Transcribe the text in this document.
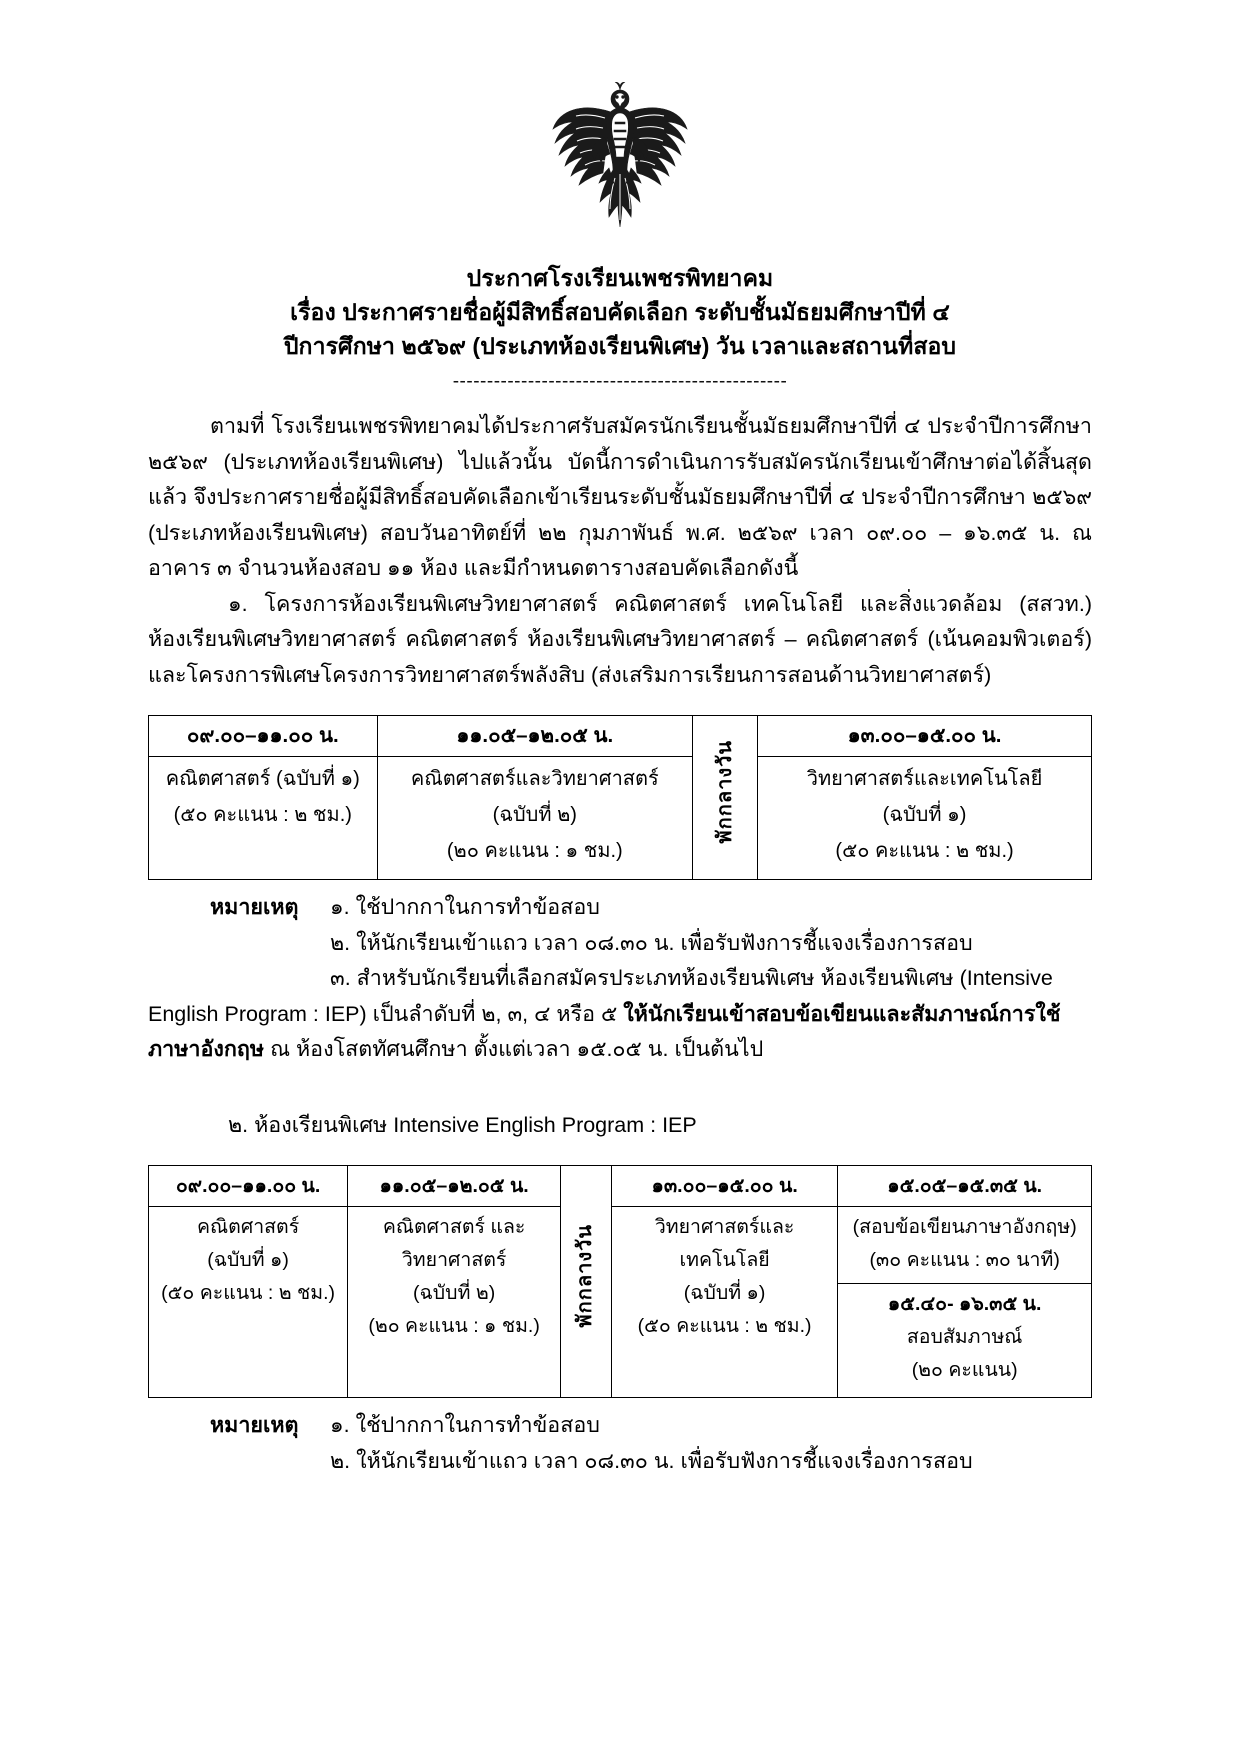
ประกาศโรงเรียนเพชรพิทยาคม
เรื่อง ประกาศรายชื่อผู้มีสิทธิ์สอบคัดเลือก ระดับชั้นมัธยมศึกษาปีที่ ๔
ปีการศึกษา ๒๕๖๙ (ประเภทห้องเรียนพิเศษ) วัน เวลาและสถานที่สอบ
-------------------------------------------------

ตามที่ โรงเรียนเพชรพิทยาคมได้ประกาศรับสมัครนักเรียนชั้นมัธยมศึกษาปีที่ ๔ ประจำปีการศึกษา ๒๕๖๙ (ประเภทห้องเรียนพิเศษ) ไปแล้วนั้น บัดนี้การดำเนินการรับสมัครนักเรียนเข้าศึกษาต่อได้สิ้นสุดแล้ว จึงประกาศรายชื่อผู้มีสิทธิ์สอบคัดเลือกเข้าเรียนระดับชั้นมัธยมศึกษาปีที่ ๔ ประจำปีการศึกษา ๒๕๖๙ (ประเภทห้องเรียนพิเศษ) สอบวันอาทิตย์ที่ ๒๒ กุมภาพันธ์ พ.ศ. ๒๕๖๙ เวลา ๐๙.๐๐ – ๑๖.๓๕ น. ณ อาคาร ๓ จำนวนห้องสอบ ๑๑ ห้อง และมีกำหนดตารางสอบคัดเลือกดังนี้

๑. โครงการห้องเรียนพิเศษวิทยาศาสตร์ คณิตศาสตร์ เทคโนโลยี และสิ่งแวดล้อม (สสวท.) ห้องเรียนพิเศษวิทยาศาสตร์ คณิตศาสตร์ ห้องเรียนพิเศษวิทยาศาสตร์ – คณิตศาสตร์ (เน้นคอมพิวเตอร์) และโครงการพิเศษโครงการวิทยาศาสตร์พลังสิบ (ส่งเสริมการเรียนการสอนด้านวิทยาศาสตร์)

๐๙.๐๐–๑๑.๐๐ น.	๑๑.๐๕–๑๒.๐๕ น.	พักกลางวัน	๑๓.๐๐–๑๕.๐๐ น.

คณิตศาสตร์ (ฉบับที่ ๑)
(๕๐ คะแนน : ๒ ชม.)	คณิตศาสตร์และวิทยาศาสตร์
(ฉบับที่ ๒)
(๒๐ คะแนน : ๑ ชม.)		วิทยาศาสตร์และเทคโนโลยี
(ฉบับที่ ๑)
(๕๐ คะแนน : ๒ ชม.)
หมายเหตุ ๑. ใช้ปากกาในการทำข้อสอบ
๒. ให้นักเรียนเข้าแถว เวลา ๐๘.๓๐ น. เพื่อรับฟังการชี้แจงเรื่องการสอบ
๓. สำหรับนักเรียนที่เลือกสมัครประเภทห้องเรียนพิเศษ ห้องเรียนพิเศษ (Intensive
English Program : IEP) เป็นลำดับที่ ๒, ๓, ๔ หรือ ๕ ให้นักเรียนเข้าสอบข้อเขียนและสัมภาษณ์การใช้
ภาษาอังกฤษ ณ ห้องโสตทัศนศึกษา ตั้งแต่เวลา ๑๕.๐๕ น. เป็นต้นไป
๒. ห้องเรียนพิเศษ Intensive English Program : IEP
๐๙.๐๐–๑๑.๐๐ น.	๑๑.๐๕–๑๒.๐๕ น.	พักกลางวัน	๑๓.๐๐–๑๕.๐๐ น.	๑๕.๐๕–๑๕.๓๕ น.

คณิตศาสตร์
(ฉบับที่ ๑)
(๕๐ คะแนน : ๒ ชม.)	คณิตศาสตร์ และ
วิทยาศาสตร์
(ฉบับที่ ๒)
(๒๐ คะแนน : ๑ ชม.)		วิทยาศาสตร์และ
เทคโนโลยี
(ฉบับที่ ๑)
(๕๐ คะแนน : ๒ ชม.)	(สอบข้อเขียนภาษาอังกฤษ)
(๓๐ คะแนน : ๓๐ นาที)
๑๕.๔๐- ๑๖.๓๕ น.
สอบสัมภาษณ์
(๒๐ คะแนน)
หมายเหตุ ๑. ใช้ปากกาในการทำข้อสอบ
๒. ให้นักเรียนเข้าแถว เวลา ๐๘.๓๐ น. เพื่อรับฟังการชี้แจงเรื่องการสอบ
